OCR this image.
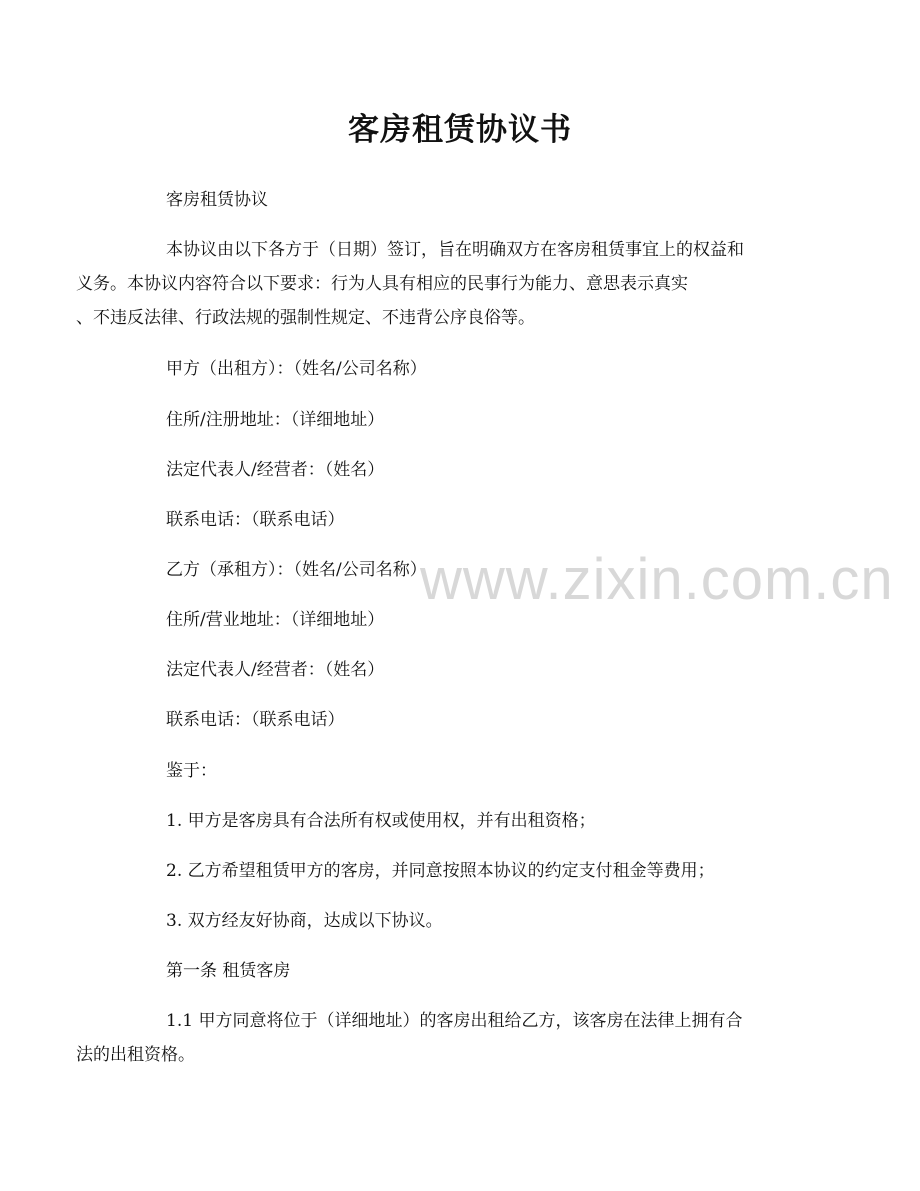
客房租赁协议书

客房租赁协议

本协议由以下各方于（日期）签订，旨在明确双方在客房租赁事宜上的权益和
义务。本协议内容符合以下要求：行为人具有相应的民事行为能力、意思表示真实
、不违反法律、行政法规的强制性规定、不违背公序良俗等。

甲方（出租方）：（姓名/公司名称）

住所/注册地址：（详细地址）

法定代表人/经营者：（姓名）

联系电话：（联系电话）

乙方（承租方）：（姓名/公司名称）

住所/营业地址：（详细地址）

法定代表人/经营者：（姓名）

联系电话：（联系电话）

鉴于：

1. 甲方是客房具有合法所有权或使用权，并有出租资格；

2. 乙方希望租赁甲方的客房，并同意按照本协议的约定支付租金等费用；

3. 双方经友好协商，达成以下协议。

第一条 租赁客房

1.1 甲方同意将位于（详细地址）的客房出租给乙方，该客房在法律上拥有合
法的出租资格。
www.zixin.com.cn
